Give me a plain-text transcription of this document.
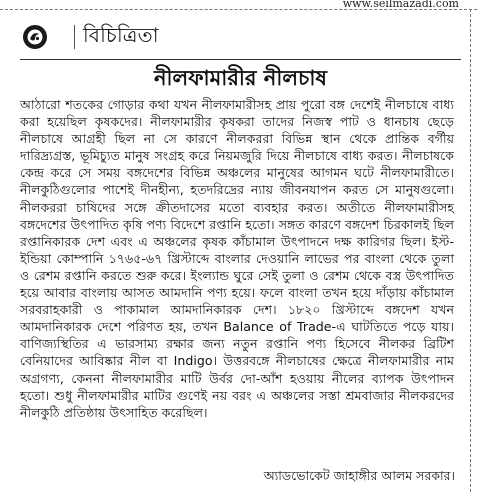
www.seilmazadi.com
বিচিত্রিতা
নীলফামারীর নীলচাষ

আঠারো শতকের গোড়ার কথা যখন নীলফামারীসহ প্রায় পুরো বঙ্গ দেশেই নীলচাষে বাধ্য করা হয়েছিল কৃষকদের। নীলফামারীর কৃষকরা তাদের নিজস্ব পাট ও ধানচাষ ছেড়ে নীলচাষে আগ্রহী ছিল না সে কারণে নীলকররা বিভিন্ন স্থান থেকে প্রান্তিক বর্গীয় দারিদ্র্যগ্রস্ত, ভূমিচ্যুত মানুষ সংগ্রহ করে নিয়মজুরি দিয়ে নীলচাষে বাধ্য করত। নীলচাষকে কেন্দ্র করে সে সময় বঙ্গদেশের বিভিন্ন অঞ্চলের মানুষের আগমন ঘটে নীলফামারীতে। নীলকুঠিগুলোর পাশেই দীনহীন্য, হতদরিদ্রের ন্যায় জীবনযাপন করত সে মানুষগুলো। নীলকররা চাষিদের সঙ্গে ক্রীতদাসের মতো ব্যবহার করত। অতীতে নীলফামারীসহ বঙ্গদেশের উৎপাদিত কৃষি পণ্য বিদেশে রপ্তানি হতো। সঙ্গত কারণে বঙ্গদেশ চিরকালই ছিল রপ্তানিকারক দেশ এবং এ অঞ্চলের কৃষক কাঁচামাল উৎপাদনে দক্ষ কারিগর ছিল। ইস্ট-ইন্ডিয়া কোম্পানি ১৭৬৫-৬৭ খ্রিস্টাব্দে বাংলার দেওয়ানি লাভের পর বাংলা থেকে তুলা ও রেশম রপ্তানি করতে শুরু করে। ইংল্যান্ড ঘুরে সেই তুলা ও রেশম থেকে বস্ত্র উৎপাদিত হয়ে আবার বাংলায় আসত আমদানি পণ্য হয়ে। ফলে বাংলা তখন হয়ে দাঁড়ায় কাঁচামাল সরবরাহকারী ও পাকামাল আমদানিকারক দেশ। ১৮২০ খ্রিস্টাব্দে বঙ্গদেশ যখন আমদানিকারক দেশে পরিণত হয়, তখন Balance of Trade-এ ঘাটতিতে পড়ে যায়। বাণিজ্যস্থিতির এ ভারসাম্য রক্ষার জন্য নতুন রপ্তানি পণ্য হিসেবে নীলকর ব্রিটিশ বেনিয়াদের আবিষ্কার নীল বা Indigo। উত্তরবঙ্গে নীলচাষের ক্ষেত্রে নীলফামারীর নাম অগ্রগণ্য, কেননা নীলফামারীর মাটি উর্বর দো-আঁশ হওয়ায় নীলের ব্যাপক উৎপাদন হতো। শুধু নীলফামারীর মাটির গুণেই নয় বরং এ অঞ্চলের সস্তা শ্রমবাজার নীলকরদের নীলকুঠি প্রতিষ্ঠায় উৎসাহিত করেছিল।

অ্যাডভোকেট জাহাঙ্গীর আলম সরকার।
